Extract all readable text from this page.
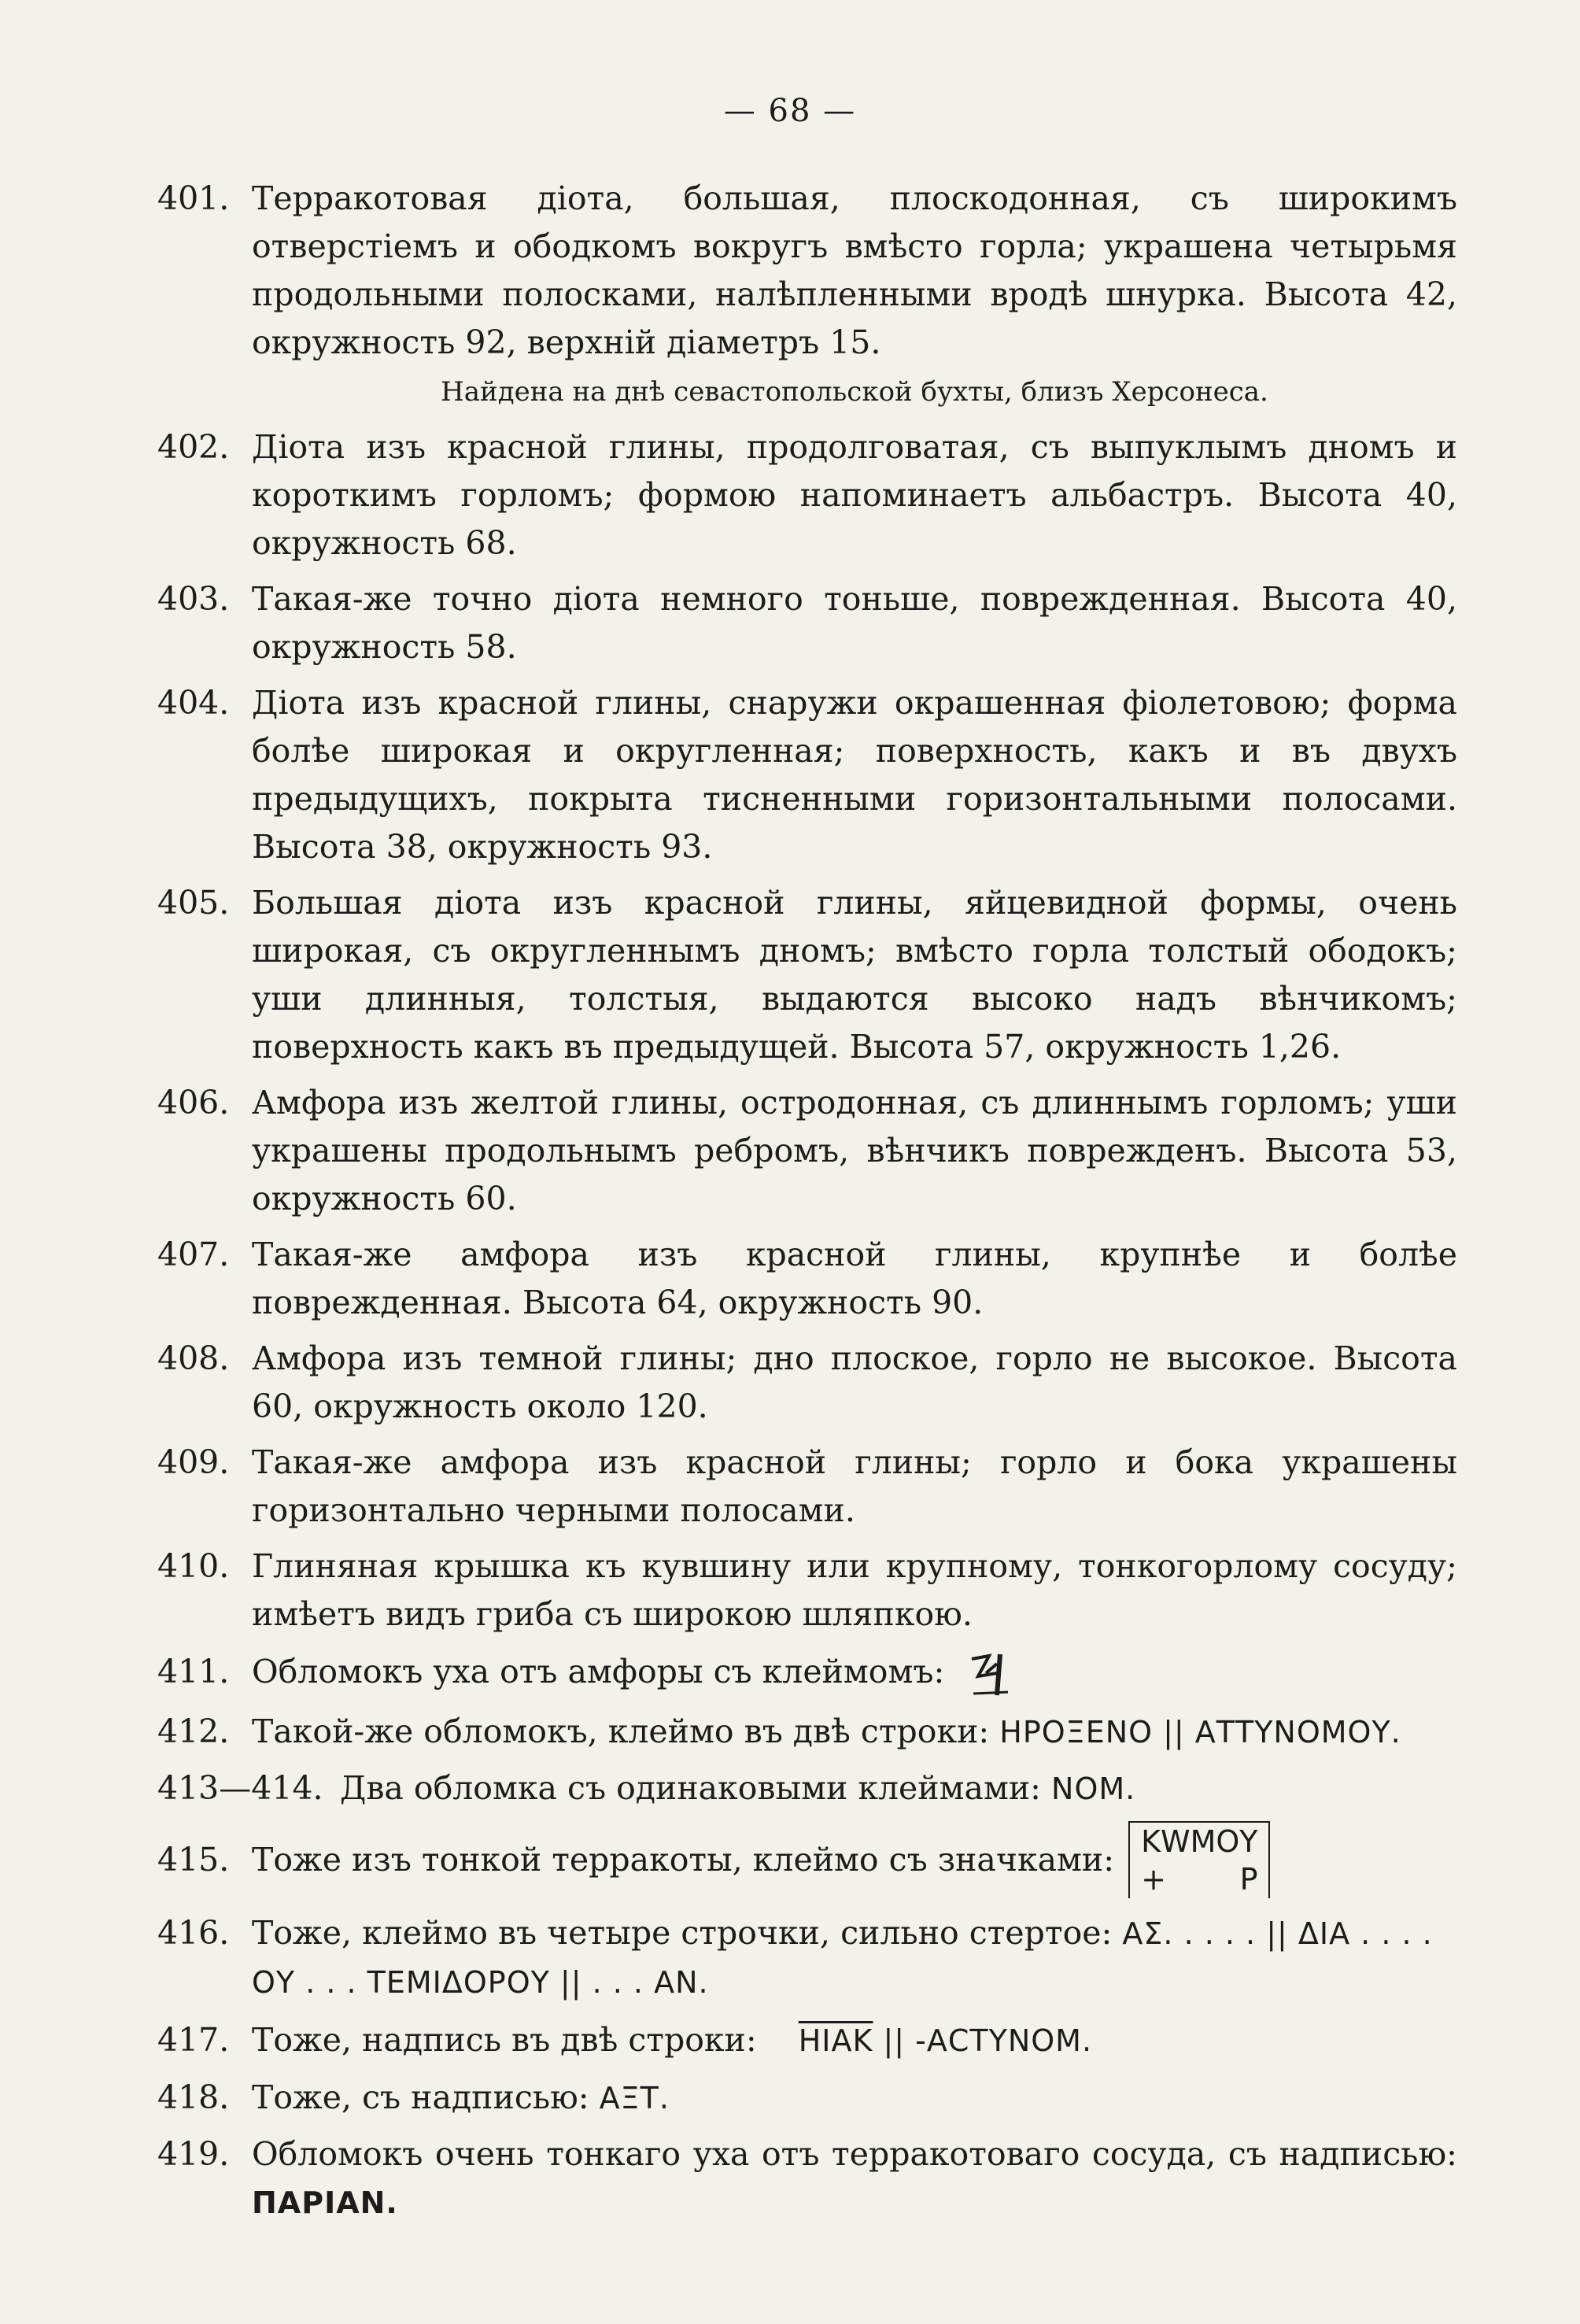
— 68 —
401. Терракотовая діота, большая, плоскодонная, съ широкимъ отверстіемъ и ободкомъ вокругъ вмѣсто горла; украшена четырьмя продольными полосками, налѣпленными вродѣ шнурка. Высота 42, окружность 92, верхній діаметръ 15.
Найдена на днѣ севастопольской бухты, близъ Херсонеса.
402. Діота изъ красной глины, продолговатая, съ выпуклымъ дномъ и короткимъ горломъ; формою напоминаетъ альбастръ. Высота 40, окружность 68.
403. Такая-же точно діота немного тоньше, поврежденная. Высота 40, окружность 58.
404. Діота изъ красной глины, снаружи окрашенная фіолетовою; форма болѣе широкая и округленная; поверхность, какъ и въ двухъ предыдущихъ, покрыта тисненными горизонтальными полосами. Высота 38, окружность 93.
405. Большая діота изъ красной глины, яйцевидной формы, очень широкая, съ округленнымъ дномъ; вмѣсто горла толстый ободокъ; уши длинныя, толстыя, выдаются высоко надъ вѣнчикомъ; поверхность какъ въ предыдущей. Высота 57, окружность 1,26.
406. Амфора изъ желтой глины, остродонная, съ длиннымъ горломъ; уши украшены продольнымъ ребромъ, вѣнчикъ поврежденъ. Высота 53, окружность 60.
407. Такая-же амфора изъ красной глины, крупнѣе и болѣе поврежденная. Высота 64, окружность 90.
408. Амфора изъ темной глины; дно плоское, горло не высокое. Высота 60, окружность около 120.
409. Такая-же амфора изъ красной глины; горло и бока украшены горизонтально черными полосами.
410. Глиняная крышка къ кувшину или крупному, тонкогорлому сосуду; имѣетъ видъ гриба съ широкою шляпкою.
411. Обломокъ уха отъ амфоры съ клеймомъ:
412. Такой-же обломокъ, клеймо въ двѣ строки: ΗΡΟΞΕΝΟ || ΑΤΤΥΝΟΜΟΥ.
413—414. Два обломка съ одинаковыми клеймами: ΝΟΜ.
415. Тоже изъ тонкой терракоты, клеймо съ значками: ΚWΜΟΥ
+ Ρ
416. Тоже, клеймо въ четыре строчки, сильно стертое: ΑΣ. . . . . || ΔΙΑ . . . . ΟΥ . . . ΤΕΜΙΔΟΡΟΥ || . . . ΑΝ.
417. Тоже, надпись въ двѣ строки: ΗΙΑΚ || -ΑCΤΥΝΟΜ.
418. Тоже, съ надписью: ΑΞΤ.
419. Обломокъ очень тонкаго уха отъ терракотоваго сосуда, съ надписью: ΠΑΡΙΑΝ.
